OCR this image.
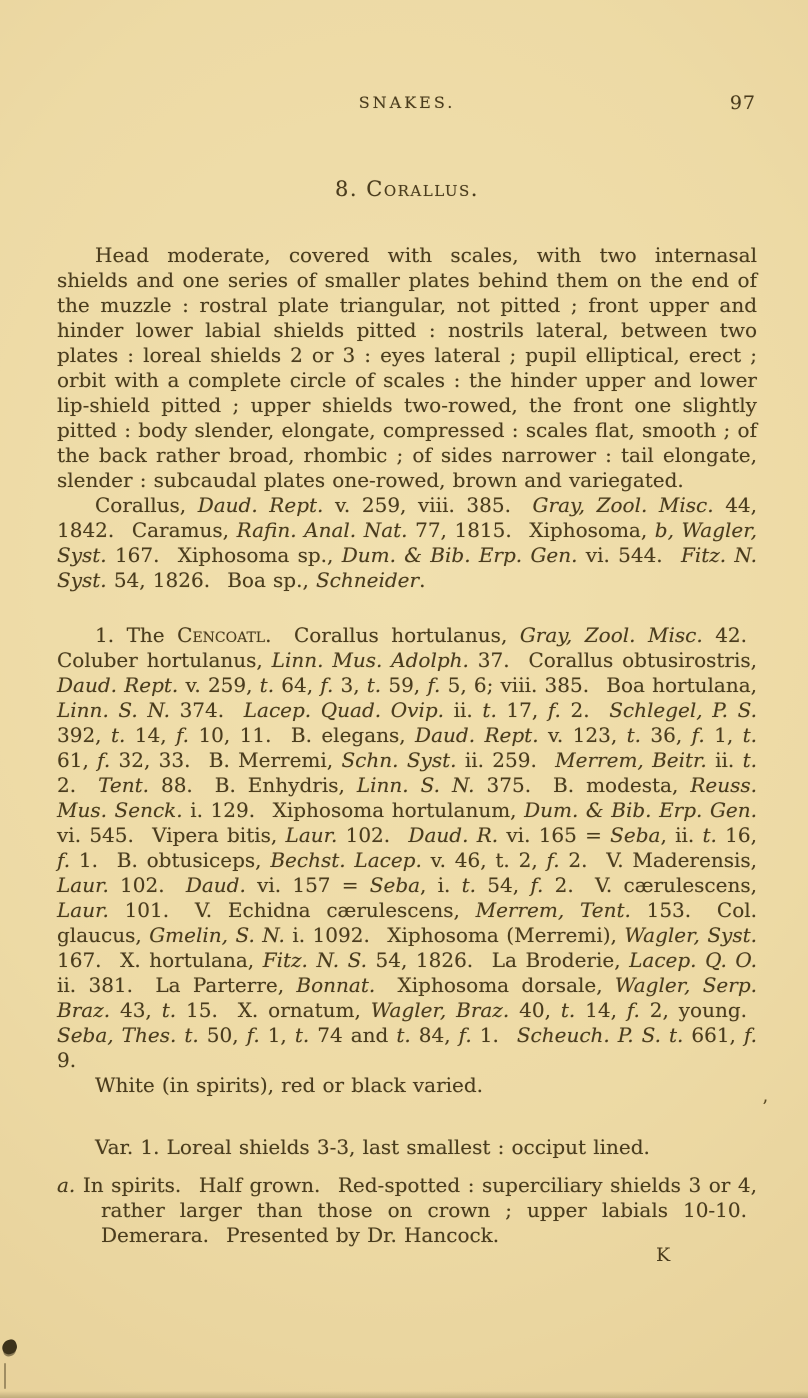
SNAKES.	97
8. Corallus.

Head moderate, covered with scales, with two internasal shields and one series of smaller plates behind them on the end of the muzzle : rostral plate triangular, not pitted ; front upper and hinder lower labial shields pitted : nostrils lateral, between two plates : loreal shields 2 or 3 : eyes lateral ; pupil elliptical, erect ; orbit with a complete circle of scales : the hinder upper and lower lip-shield pitted ; upper shields two-rowed, the front one slightly pitted : body slender, elongate, compressed : scales flat, smooth ; of the back rather broad, rhombic ; of sides narrower : tail elongate, slender : subcaudal plates one-rowed, brown and variegated.

Corallus, Daud. Rept. v. 259, viii. 385.  Gray, Zool. Misc. 44, 1842.  Caramus, Rafin. Anal. Nat. 77, 1815.  Xiphosoma, b, Wagler, Syst. 167.  Xiphosoma sp., Dum. & Bib. Erp. Gen. vi. 544.  Fitz. N. Syst. 54, 1826.  Boa sp., Schneider.

1. The Cencoatl.  Corallus hortulanus, Gray, Zool. Misc. 42.  Coluber hortulanus, Linn. Mus. Adolph. 37.  Corallus obtusirostris, Daud. Rept. v. 259, t. 64, f. 3, t. 59, f. 5, 6; viii. 385.  Boa hortulana, Linn. S. N. 374.  Lacep. Quad. Ovip. ii. t. 17, f. 2.  Schlegel, P. S. 392, t. 14, f. 10, 11.  B. elegans, Daud. Rept. v. 123, t. 36, f. 1, t. 61, f. 32, 33.  B. Merremi, Schn. Syst. ii. 259.  Merrem, Beitr. ii. t. 2.  Tent. 88.  B. Enhydris, Linn. S. N. 375.  B. modesta, Reuss. Mus. Senck. i. 129.  Xiphosoma hortulanum, Dum. & Bib. Erp. Gen. vi. 545.  Vipera bitis, Laur. 102.  Daud. R. vi. 165 = Seba, ii. t. 16, f. 1.  B. obtusiceps, Bechst. Lacep. v. 46, t. 2, f. 2.  V. Maderensis, Laur. 102.  Daud. vi. 157 = Seba, i. t. 54, f. 2.  V. cærulescens, Laur. 101.  V. Echidna cærulescens, Merrem, Tent. 153.  Col. glaucus, Gmelin, S. N. i. 1092.  Xiphosoma (Merremi), Wagler, Syst. 167.  X. hortulana, Fitz. N. S. 54, 1826.  La Broderie, Lacep. Q. O. ii. 381.  La Parterre, Bonnat.  Xiphosoma dorsale, Wagler, Serp. Braz. 43, t. 15.  X. ornatum, Wagler, Braz. 40, t. 14, f. 2, young.  Seba, Thes. t. 50, f. 1, t. 74 and t. 84, f. 1.  Scheuch. P. S. t. 661, f. 9.

White (in spirits), red or black varied.

Var. 1. Loreal shields 3-3, last smallest : occiput lined.

a. In spirits.  Half grown.  Red-spotted : superciliary shields 3 or 4, rather larger than those on crown ; upper labials 10-10.  Demerara.  Presented by Dr. Hancock.

K
’
